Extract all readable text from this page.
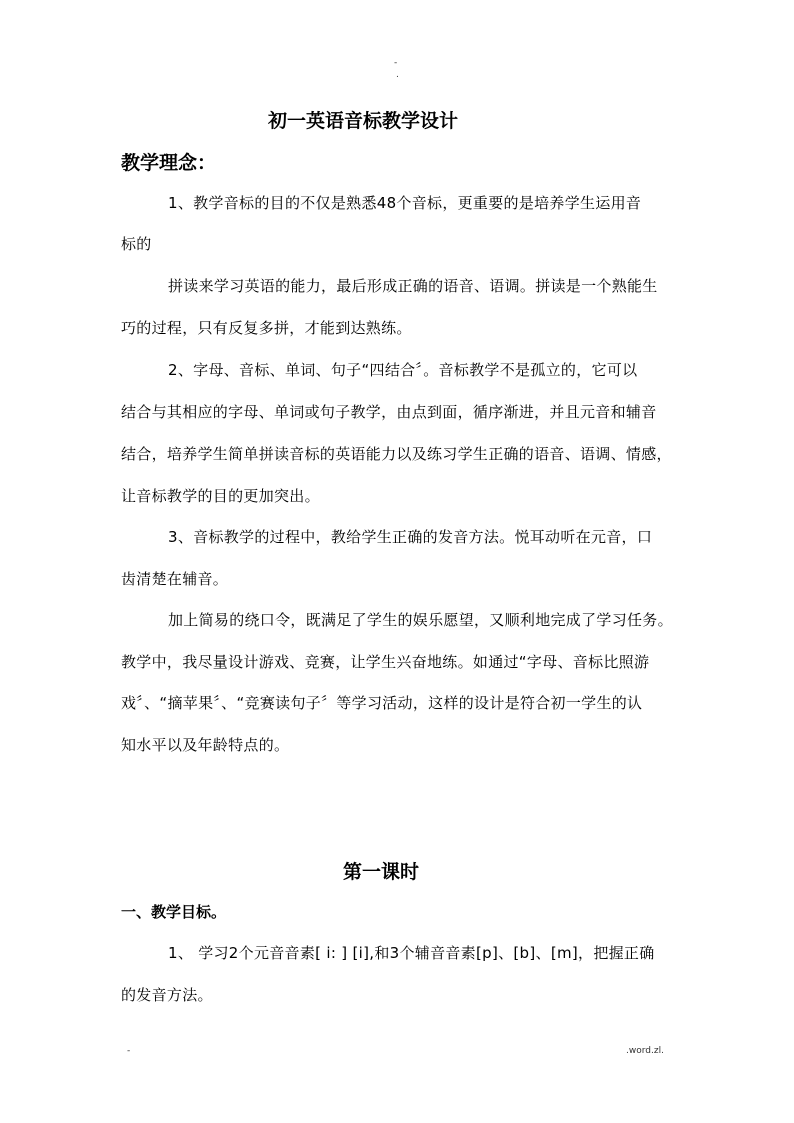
-
.
初一英语音标教学设计
教学理念：
1、教学音标的目的不仅是熟悉48个音标，更重要的是培养学生运用音
标的
拼读来学习英语的能力，最后形成正确的语音、语调。拼读是一个熟能生
巧的过程，只有反复多拼，才能到达熟练。
2、字母、音标、单词、句子“四结合〞。音标教学不是孤立的，它可以
结合与其相应的字母、单词或句子教学，由点到面，循序渐进，并且元音和辅音
结合，培养学生简单拼读音标的英语能力以及练习学生正确的语音、语调、情感，
让音标教学的目的更加突出。
3、音标教学的过程中，教给学生正确的发音方法。悦耳动听在元音，口
齿清楚在辅音。
加上简易的绕口令，既满足了学生的娱乐愿望，又顺利地完成了学习任务。
教学中，我尽量设计游戏、竞赛，让学生兴奋地练。如通过“字母、音标比照游
戏〞、“摘苹果〞、“竞赛读句子〞等学习活动，这样的设计是符合初一学生的认
知水平以及年龄特点的。
第一课时
一、教学目标。
1、 学习2个元音音素[ i: ] [i],和3个辅音音素[p]、[b]、[m]，把握正确
的发音方法。
-	.word.zl.
